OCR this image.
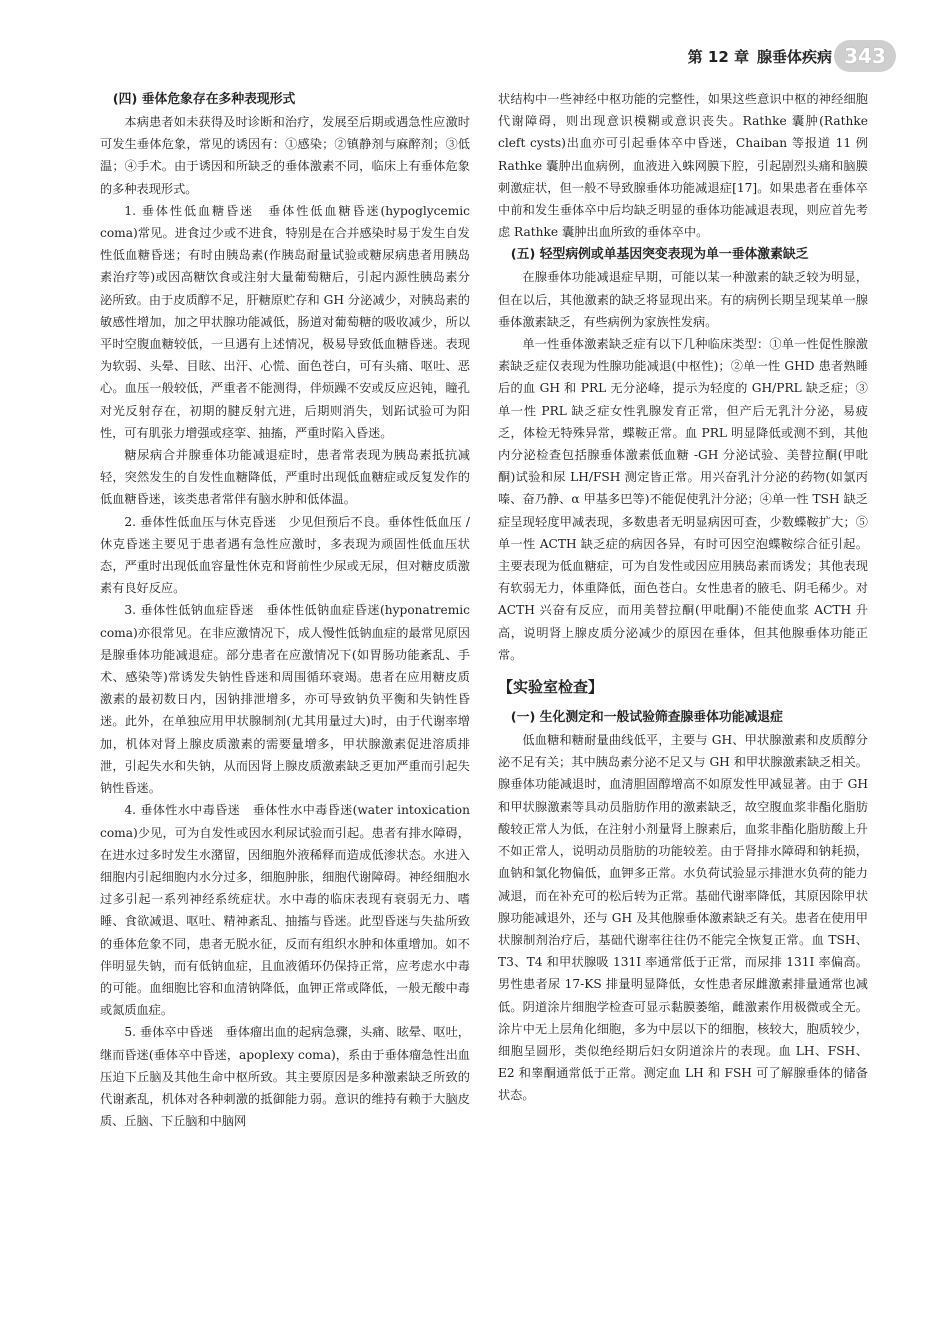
第 12 章 腺垂体疾病 343
(四) 垂体危象存在多种表现形式

本病患者如未获得及时诊断和治疗，发展至后期或遇急性应激时可发生垂体危象，常见的诱因有：①感染；②镇静剂与麻醉剂；③低温；④手术。由于诱因和所缺乏的垂体激素不同，临床上有垂体危象的多种表现形式。

1. 垂体性低血糖昏迷　垂体性低血糖昏迷(hypoglycemic coma)常见。进食过少或不进食，特别是在合并感染时易于发生自发性低血糖昏迷；有时由胰岛素(作胰岛耐量试验或糖尿病患者用胰岛素治疗等)或因高糖饮食或注射大量葡萄糖后，引起内源性胰岛素分泌所致。由于皮质醇不足，肝糖原贮存和 GH 分泌减少，对胰岛素的敏感性增加，加之甲状腺功能减低，肠道对葡萄糖的吸收减少，所以平时空腹血糖较低，一旦遇有上述情况，极易导致低血糖昏迷。表现为软弱、头晕、目眩、出汗、心慌、面色苍白，可有头痛、呕吐、恶心。血压一般较低，严重者不能测得，伴烦躁不安或反应迟钝，瞳孔对光反射存在，初期的腱反射亢进，后期则消失，划跖试验可为阳性，可有肌张力增强或痉挛、抽搐，严重时陷入昏迷。

糖尿病合并腺垂体功能减退症时，患者常表现为胰岛素抵抗减轻，突然发生的自发性血糖降低，严重时出现低血糖症或反复发作的低血糖昏迷，该类患者常伴有脑水肿和低体温。

2. 垂体性低血压与休克昏迷　少见但预后不良。垂体性低血压 / 休克昏迷主要见于患者遇有急性应激时，多表现为顽固性低血压状态，严重时出现低血容量性休克和肾前性少尿或无尿，但对糖皮质激素有良好反应。

3. 垂体性低钠血症昏迷　垂体性低钠血症昏迷(hyponatremic coma)亦很常见。在非应激情况下，成人慢性低钠血症的最常见原因是腺垂体功能减退症。部分患者在应激情况下(如胃肠功能紊乱、手术、感染等)常诱发失钠性昏迷和周围循环衰竭。患者在应用糖皮质激素的最初数日内，因钠排泄增多，亦可导致钠负平衡和失钠性昏迷。此外，在单独应用甲状腺制剂(尤其用量过大)时，由于代谢率增加，机体对肾上腺皮质激素的需要量增多，甲状腺激素促进溶质排泄，引起失水和失钠，从而因肾上腺皮质激素缺乏更加严重而引起失钠性昏迷。

4. 垂体性水中毒昏迷　垂体性水中毒昏迷(water intoxication coma)少见，可为自发性或因水利尿试验而引起。患者有排水障碍，在进水过多时发生水潴留，因细胞外液稀释而造成低渗状态。水进入细胞内引起细胞内水分过多，细胞肿胀，细胞代谢障碍。神经细胞水过多引起一系列神经系统症状。水中毒的临床表现有衰弱无力、嗜睡、食欲减退、呕吐、精神紊乱、抽搐与昏迷。此型昏迷与失盐所致的垂体危象不同，患者无脱水征，反而有组织水肿和体重增加。如不伴明显失钠，而有低钠血症，且血液循环仍保持正常，应考虑水中毒的可能。血细胞比容和血清钠降低，血钾正常或降低，一般无酸中毒或氮质血症。

5. 垂体卒中昏迷　垂体瘤出血的起病急骤，头痛、眩晕、呕吐，继而昏迷(垂体卒中昏迷，apoplexy coma)，系由于垂体瘤急性出血压迫下丘脑及其他生命中枢所致。其主要原因是多种激素缺乏所致的代谢紊乱，机体对各种刺激的抵御能力弱。意识的维持有赖于大脑皮质、丘脑、下丘脑和中脑网

状结构中一些神经中枢功能的完整性，如果这些意识中枢的神经细胞代谢障碍，则出现意识模糊或意识丧失。Rathke 囊肿(Rathke cleft cysts)出血亦可引起垂体卒中昏迷，Chaiban 等报道 11 例 Rathke 囊肿出血病例，血液进入蛛网膜下腔，引起剧烈头痛和脑膜刺激症状，但一般不导致腺垂体功能减退症[17]。如果患者在垂体卒中前和发生垂体卒中后均缺乏明显的垂体功能减退表现，则应首先考虑 Rathke 囊肿出血所致的垂体卒中。

(五) 轻型病例或单基因突变表现为单一垂体激素缺乏

在腺垂体功能减退症早期，可能以某一种激素的缺乏较为明显，但在以后，其他激素的缺乏将显现出来。有的病例长期呈现某单一腺垂体激素缺乏，有些病例为家族性发病。

单一性垂体激素缺乏症有以下几种临床类型：①单一性促性腺激素缺乏症仅表现为性腺功能减退(中枢性)；②单一性 GHD 患者熟睡后的血 GH 和 PRL 无分泌峰，提示为轻度的 GH/PRL 缺乏症；③单一性 PRL 缺乏症女性乳腺发育正常，但产后无乳汁分泌，易疲乏，体检无特殊异常，蝶鞍正常。血 PRL 明显降低或测不到，其他内分泌检查包括腺垂体激素低血糖 -GH 分泌试验、美替拉酮(甲吡酮)试验和尿 LH/FSH 测定皆正常。用兴奋乳汁分泌的药物(如氯丙嗪、奋乃静、α 甲基多巴等)不能促使乳汁分泌；④单一性 TSH 缺乏症呈现轻度甲减表现，多数患者无明显病因可查，少数蝶鞍扩大；⑤单一性 ACTH 缺乏症的病因各异，有时可因空泡蝶鞍综合征引起。主要表现为低血糖症，可为自发性或因应用胰岛素而诱发；其他表现有软弱无力，体重降低，面色苍白。女性患者的腋毛、阴毛稀少。对 ACTH 兴奋有反应，而用美替拉酮(甲吡酮)不能使血浆 ACTH 升高，说明肾上腺皮质分泌减少的原因在垂体，但其他腺垂体功能正常。

【实验室检查】
(一) 生化测定和一般试验筛查腺垂体功能减退症

低血糖和糖耐量曲线低平，主要与 GH、甲状腺激素和皮质醇分泌不足有关；其中胰岛素分泌不足又与 GH 和甲状腺激素缺乏相关。腺垂体功能减退时，血清胆固醇增高不如原发性甲减显著。由于 GH 和甲状腺激素等具动员脂肪作用的激素缺乏，故空腹血浆非酯化脂肪酸较正常人为低，在注射小剂量肾上腺素后，血浆非酯化脂肪酸上升不如正常人，说明动员脂肪的功能较差。由于肾排水障碍和钠耗损，血钠和氯化物偏低，血钾多正常。水负荷试验显示排泄水负荷的能力减退，而在补充可的松后转为正常。基础代谢率降低，其原因除甲状腺功能减退外，还与 GH 及其他腺垂体激素缺乏有关。患者在使用甲状腺制剂治疗后，基础代谢率往往仍不能完全恢复正常。血 TSH、T3、T4 和甲状腺吸 131I 率通常低于正常，而尿排 131I 率偏高。男性患者尿 17-KS 排量明显降低，女性患者尿雌激素排量通常也减低。阴道涂片细胞学检查可显示黏膜萎缩，雌激素作用极微或全无。涂片中无上层角化细胞，多为中层以下的细胞，核较大，胞质较少，细胞呈圆形，类似绝经期后妇女阴道涂片的表现。血 LH、FSH、E2 和睾酮通常低于正常。测定血 LH 和 FSH 可了解腺垂体的储备状态。
